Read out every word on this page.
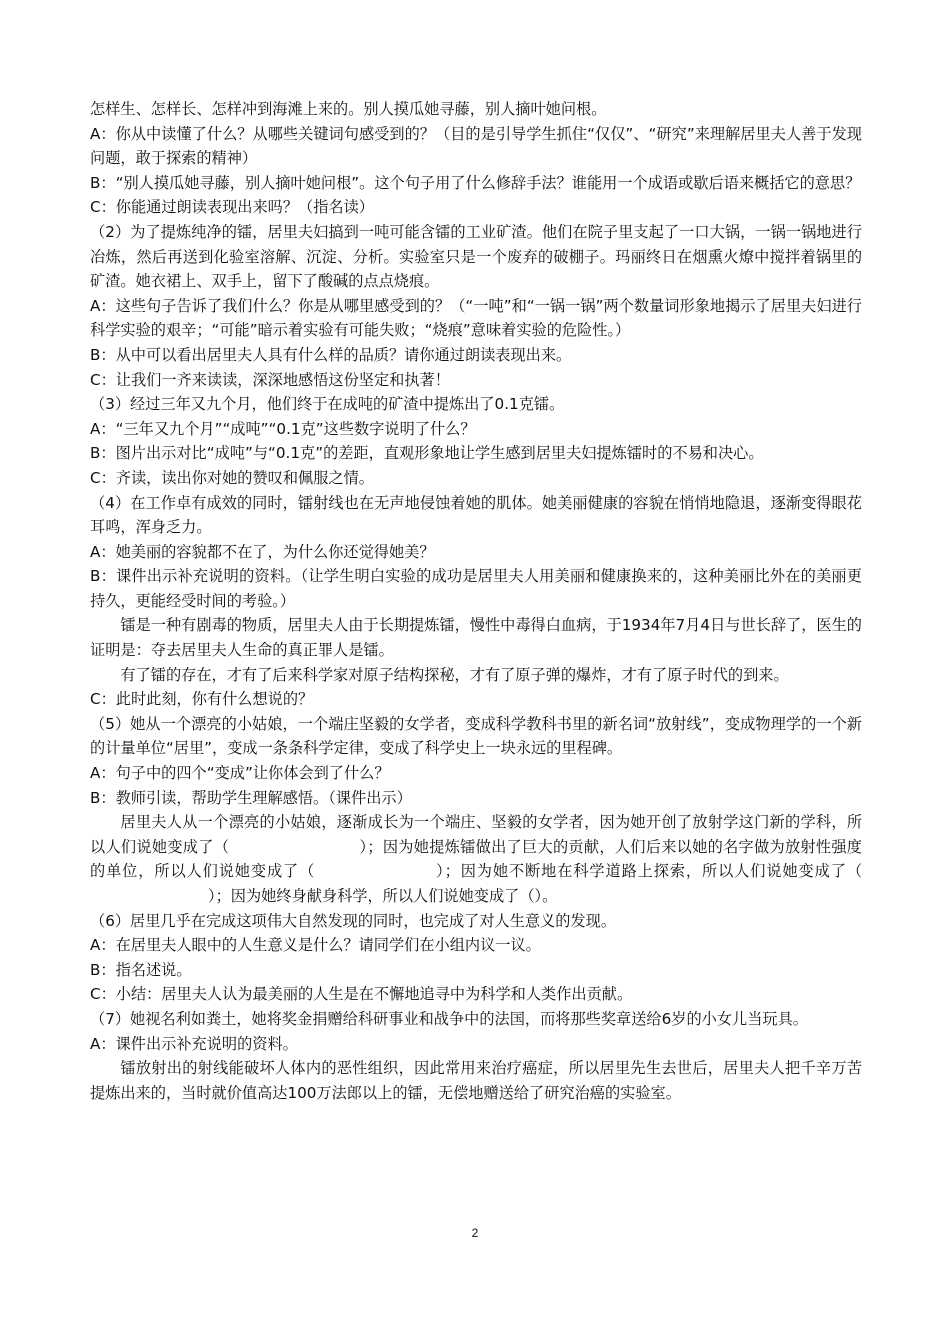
怎样生、怎样长、怎样冲到海滩上来的。别人摸瓜她寻藤，别人摘叶她问根。

A：你从中读懂了什么？从哪些关键词句感受到的？（目的是引导学生抓住“仅仅”、“研究”来理解居里夫人善于发现问题，敢于探索的精神）

B：“别人摸瓜她寻藤，别人摘叶她问根”。这个句子用了什么修辞手法？谁能用一个成语或歇后语来概括它的意思？

C：你能通过朗读表现出来吗？（指名读）

（2）为了提炼纯净的镭，居里夫妇搞到一吨可能含镭的工业矿渣。他们在院子里支起了一口大锅，一锅一锅地进行冶炼，然后再送到化验室溶解、沉淀、分析。实验室只是一个废弃的破棚子。玛丽终日在烟熏火燎中搅拌着锅里的矿渣。她衣裙上、双手上，留下了酸碱的点点烧痕。

A：这些句子告诉了我们什么？你是从哪里感受到的？（“一吨”和“一锅一锅”两个数量词形象地揭示了居里夫妇进行科学实验的艰辛；“可能”暗示着实验有可能失败；“烧痕”意味着实验的危险性。）

B：从中可以看出居里夫人具有什么样的品质？请你通过朗读表现出来。

C：让我们一齐来读读，深深地感悟这份坚定和执著！

（3）经过三年又九个月，他们终于在成吨的矿渣中提炼出了0.1克镭。

A：“三年又九个月”“成吨”“0.1克”这些数字说明了什么？

B：图片出示对比“成吨”与“0.1克”的差距，直观形象地让学生感到居里夫妇提炼镭时的不易和决心。

C：齐读，读出你对她的赞叹和佩服之情。

（4）在工作卓有成效的同时，镭射线也在无声地侵蚀着她的肌体。她美丽健康的容貌在悄悄地隐退，逐渐变得眼花耳鸣，浑身乏力。

A：她美丽的容貌都不在了，为什么你还觉得她美？

B：课件出示补充说明的资料。（让学生明白实验的成功是居里夫人用美丽和健康换来的，这种美丽比外在的美丽更持久，更能经受时间的考验。）

镭是一种有剧毒的物质，居里夫人由于长期提炼镭，慢性中毒得白血病，于1934年7月4日与世长辞了，医生的证明是：夺去居里夫人生命的真正罪人是镭。

有了镭的存在，才有了后来科学家对原子结构探秘，才有了原子弹的爆炸，才有了原子时代的到来。

C：此时此刻，你有什么想说的？

（5）她从一个漂亮的小姑娘，一个端庄坚毅的女学者，变成科学教科书里的新名词“放射线”，变成物理学的一个新的计量单位“居里”，变成一条条科学定律，变成了科学史上一块永远的里程碑。

A：句子中的四个“变成”让你体会到了什么？

B：教师引读，帮助学生理解感悟。（课件出示）

居里夫人从一个漂亮的小姑娘，逐渐成长为一个端庄、坚毅的女学者，因为她开创了放射学这门新的学科，所以人们说她变成了（	）；因为她提炼镭做出了巨大的贡献，人们后来以她的名字做为放射性强度的单位，所以人们说她变成了（	）；因为她不断地在科学道路上探索，所以人们说她变成了（）；因为她终身献身科学，所以人们说她变成了（）。

（6）居里几乎在完成这项伟大自然发现的同时，也完成了对人生意义的发现。

A：在居里夫人眼中的人生意义是什么？请同学们在小组内议一议。

B：指名述说。

C：小结：居里夫人认为最美丽的人生是在不懈地追寻中为科学和人类作出贡献。

（7）她视名利如粪土，她将奖金捐赠给科研事业和战争中的法国，而将那些奖章送给6岁的小女儿当玩具。

A：课件出示补充说明的资料。

镭放射出的射线能破坏人体内的恶性组织，因此常用来治疗癌症，所以居里先生去世后，居里夫人把千辛万苦提炼出来的，当时就价值高达100万法郎以上的镭，无偿地赠送给了研究治癌的实验室。

2
